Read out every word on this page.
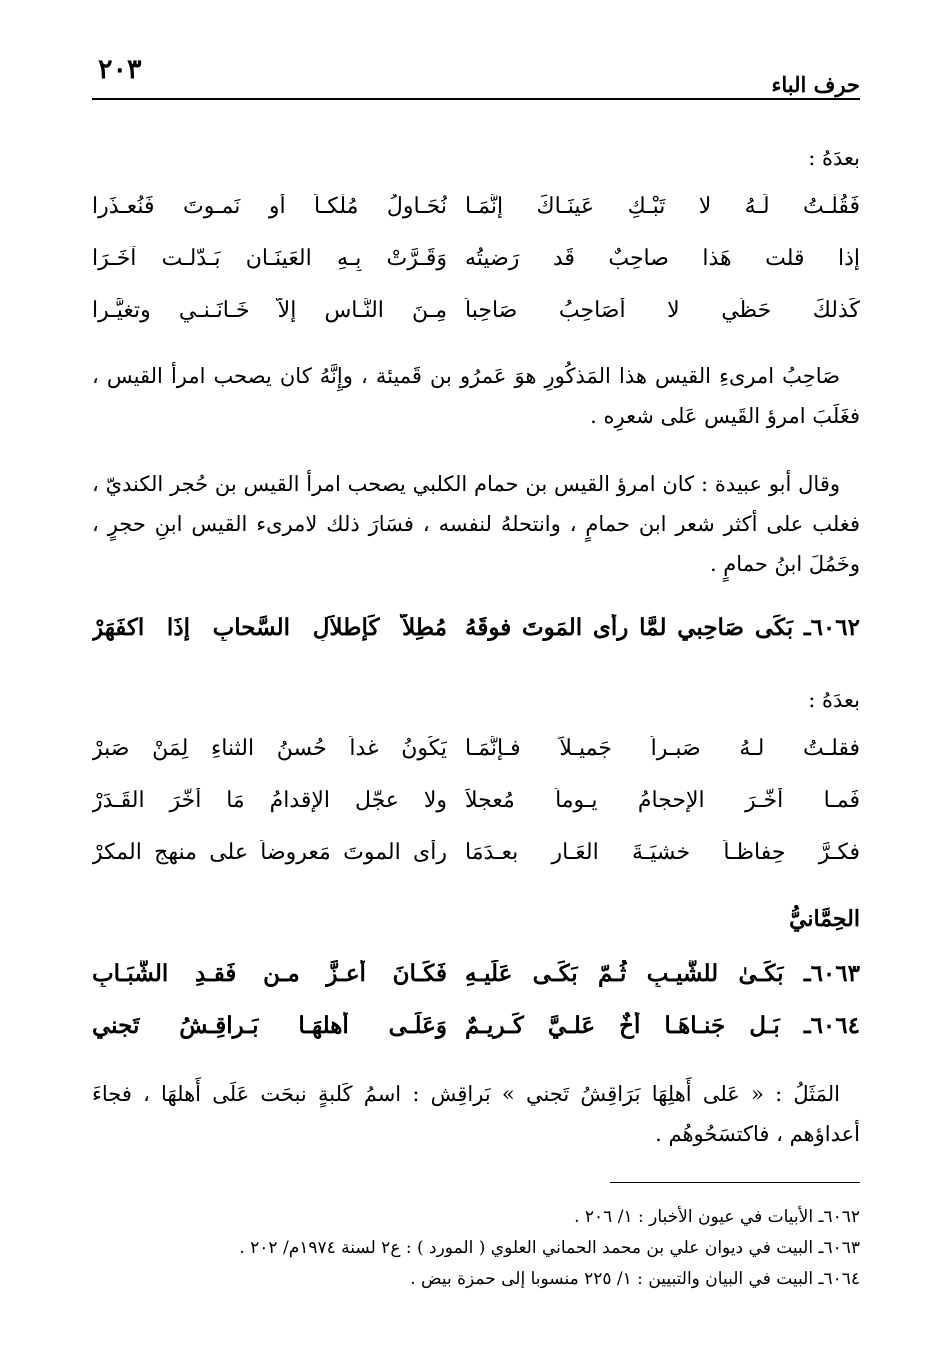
حرف الباء
٢٠٣
بعدَهُ :
فَقُلْـتُ لَـهُ لا تَبْـكِ عَينَـاكَ إِنَّمَـا
نُحَـاوِلُ مُلْكـاً أو نَمـوتَ فَنُعـذَرا
إِذا قلت هَذا صاحِبٌ قَد رَضيتُه
وَقَـرَّتْ بِـهِ العَينَـان بَـدّلـت آخَـرَا
كَذلكَ حَظّي لا أُصَاحِبُ صَاحِباً
مِـنَ النَّـاسِ إِلاَّ خَـانَـنـي وتغيَّـرا

صَاحِبُ امرىءِ القيس هذا المَذكُورِ هوَ عَمرُو بن قَميئة ، وإِنَّهُ كان يصحب امرأ القيس ، فغَلَبَ امرؤ القَيس عَلى شعرِه .

وقال أبو عبيدة : كان امرؤ القيس بن حمام الكلبي يصحب امرأ القيس بن حُجر الكنديّ ، فغلب على أكثر شعر ابن حمامٍ ، وانتحلهُ لنفسه ، فسَارَ ذلك لامرىء القيس ابنِ حجرٍ ، وخَمُلَ ابنُ حمامٍ .

٦٠٦٢ـ بَكَى صَاحِبي لمَّا رأى المَوتَ فوقَهُ
مُطِلاًّ كَإِطلاَلِ السَّحابِ إِذَا اكفَهَرْ
بعدَهُ :
فقلـتُ لـهُ صَبـراً جَميـلاً فـإِنَّمَـا
يَكُونُ غداً حُسنُ الثناءِ لِمَنْ صَبرْ
فَمـا أَخَّـرَ الإِحجامُ يـوماً مُعجلاً
ولا عجّل الإقدامُ مَا أَخَّرَ القَـدَرْ
فكـرَّ حِفاظـاً خشيَـةَ العَـارِ بعـدَمَا
رأى الموتَ مَعروضاً على منهجِ المكرْ
الحِمَّانيُّ
٦٠٦٣ـ بَكَـىٰ للشَّيـبِ ثُـمّ بَكَـى عَلَيـهِ
فَكَـانَ أَعـزَّ مـن فَقـدِ الشَّبَـابِ
٦٠٦٤ـ بَـل جَنـاهَـا أَخٌ عَلـيَّ كَـريـمٌ
وَعَلَـى أَهلهَـا بَـراقِـشُ تَجني

المَثَلُ : « عَلى أَهلِهَا بَرَاقِشُ تَجني » بَراقِش : اسمُ كَلبةٍ نبحَت عَلَى أَهلهَا ، فجاءَ أعداؤهم ، فاكتسَحُوهُم .

٦٠٦٢ـ الأبيات في عيون الأخبار : ١/ ٢٠٦ .
٦٠٦٣ـ البيت في ديوان علي بن محمد الحماني العلوي ( المورد ) : ع٢ لسنة ١٩٧٤م/ ٢٠٢ .
٦٠٦٤ـ البيت في البيان والتبيين : ١/ ٢٢٥ منسوبا إلى حمزة بيض .
